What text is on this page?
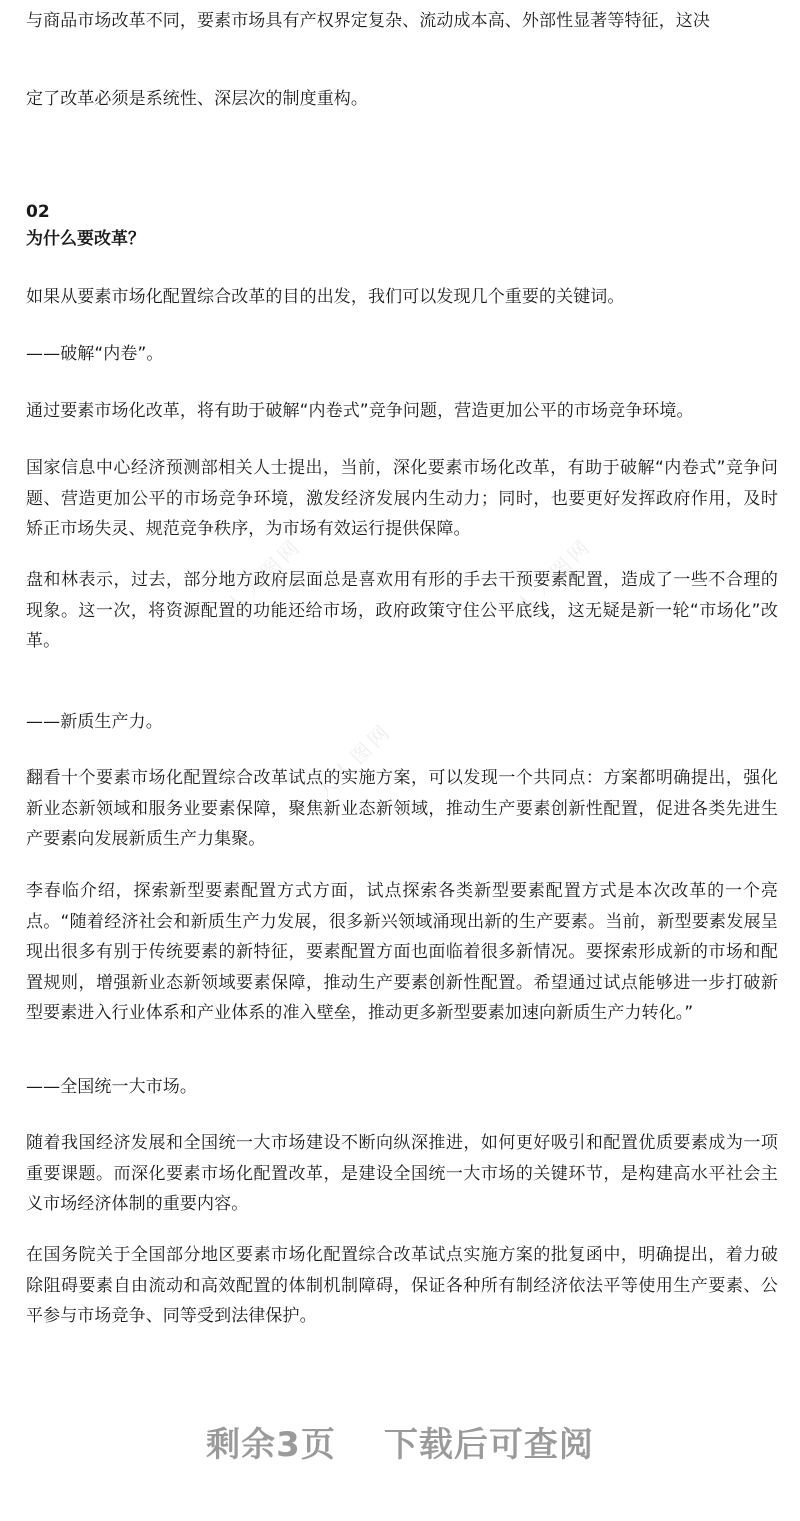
人人图网	人人图网
人人图网

与商品市场改革不同，要素市场具有产权界定复杂、流动成本高、外部性显著等特征，这决

定了改革必须是系统性、深层次的制度重构。

02
为什么要改革？

如果从要素市场化配置综合改革的目的出发，我们可以发现几个重要的关键词。

——破解“内卷”。

通过要素市场化改革，将有助于破解“内卷式”竞争问题，营造更加公平的市场竞争环境。

国家信息中心经济预测部相关人士提出，当前，深化要素市场化改革，有助于破解“内卷式”竞争问题、营造更加公平的市场竞争环境，激发经济发展内生动力；同时，也要更好发挥政府作用，及时矫正市场失灵、规范竞争秩序，为市场有效运行提供保障。

盘和林表示，过去，部分地方政府层面总是喜欢用有形的手去干预要素配置，造成了一些不合理的现象。这一次，将资源配置的功能还给市场，政府政策守住公平底线，这无疑是新一轮“市场化”改革。

——新质生产力。

翻看十个要素市场化配置综合改革试点的实施方案，可以发现一个共同点：方案都明确提出，强化新业态新领域和服务业要素保障，聚焦新业态新领域，推动生产要素创新性配置，促进各类先进生产要素向发展新质生产力集聚。

李春临介绍，探索新型要素配置方式方面，试点探索各类新型要素配置方式是本次改革的一个亮点。“随着经济社会和新质生产力发展，很多新兴领域涌现出新的生产要素。当前，新型要素发展呈现出很多有别于传统要素的新特征，要素配置方面也面临着很多新情况。要探索形成新的市场和配置规则，增强新业态新领域要素保障，推动生产要素创新性配置。希望通过试点能够进一步打破新型要素进入行业体系和产业体系的准入壁垒，推动更多新型要素加速向新质生产力转化。”

——全国统一大市场。

随着我国经济发展和全国统一大市场建设不断向纵深推进，如何更好吸引和配置优质要素成为一项重要课题。而深化要素市场化配置改革，是建设全国统一大市场的关键环节，是构建高水平社会主义市场经济体制的重要内容。

在国务院关于全国部分地区要素市场化配置综合改革试点实施方案的批复函中，明确提出，着力破除阻碍要素自由流动和高效配置的体制机制障碍，保证各种所有制经济依法平等使用生产要素、公平参与市场竞争、同等受到法律保护。

剩余3页 下载后可查阅
